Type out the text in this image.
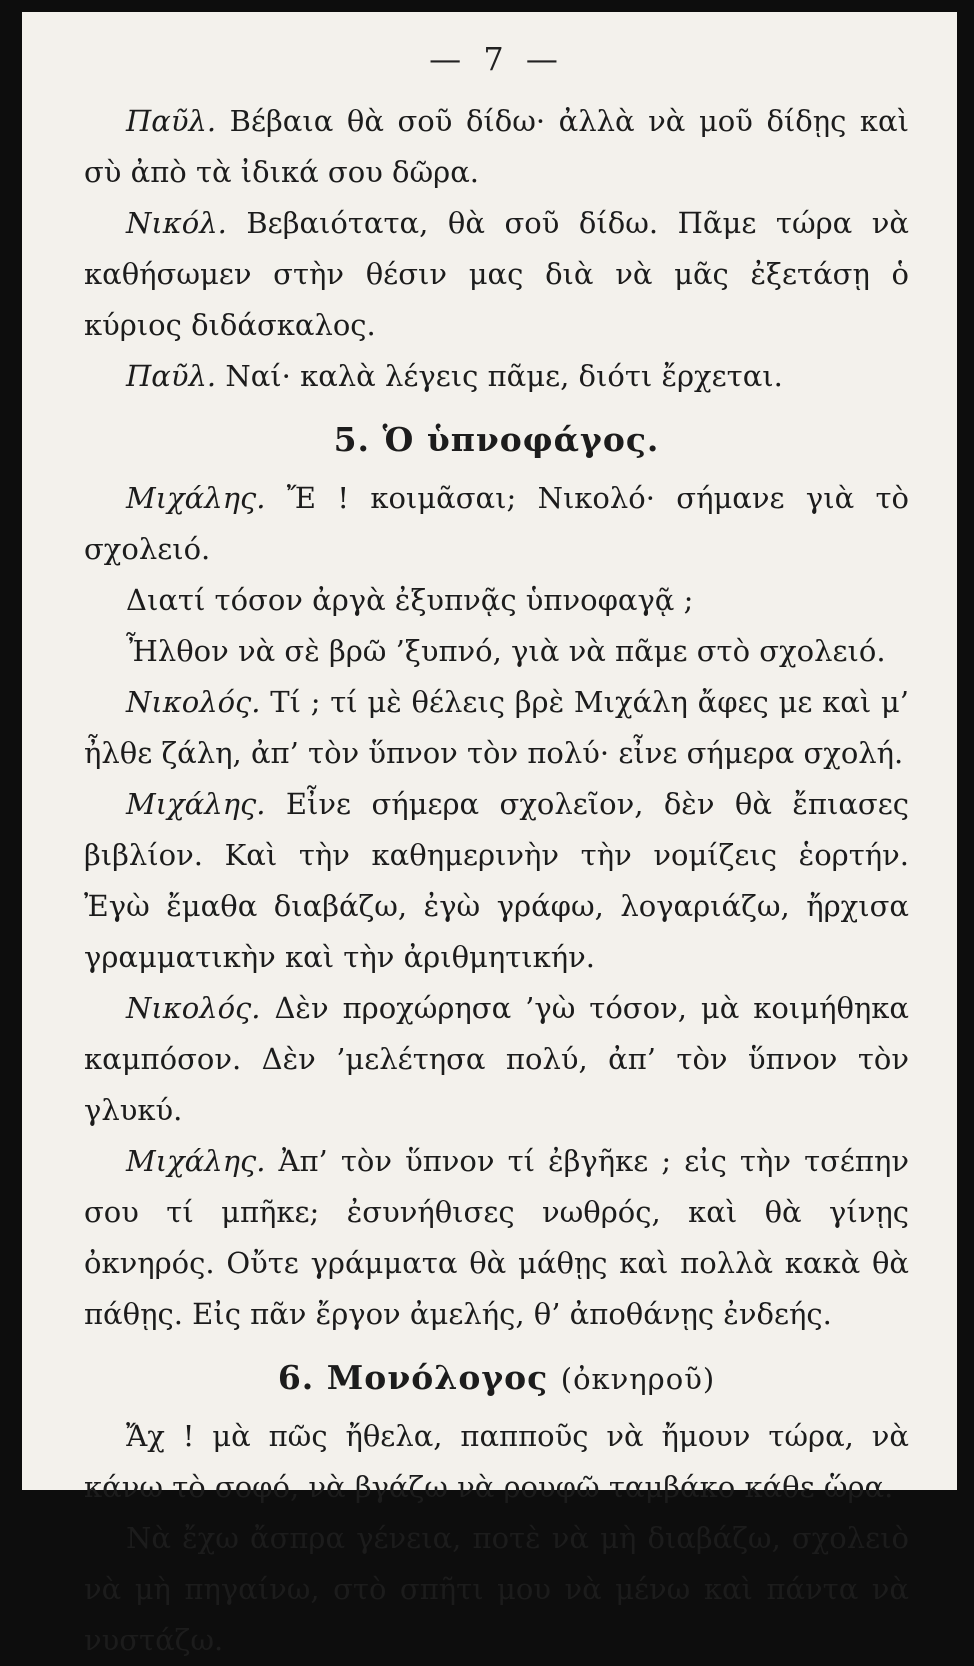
— 7 —

Παῦλ. Βέβαια θὰ σοῦ δίδω· ἀλλὰ νὰ μοῦ δίδῃς καὶ σὺ ἀπὸ τὰ ἰδικά σου δῶρα.

Νικόλ. Βεβαιότατα, θὰ σοῦ δίδω. Πᾶμε τώρα νὰ καθήσωμεν στὴν θέσιν μας διὰ νὰ μᾶς ἐξετάσῃ ὁ κύριος διδάσκαλος.

Παῦλ. Ναί· καλὰ λέγεις πᾶμε, διότι ἔρχεται.

5. Ὁ ὑπνοφάγος.

Μιχάλης. Ἔ ! κοιμᾶσαι; Νικολό· σήμανε γιὰ τὸ σχολειό.

Διατί τόσον ἀργὰ ἐξυπνᾷς ὑπνοφαγᾷ ;

Ἦλθον νὰ σὲ βρῶ ’ξυπνό, γιὰ νὰ πᾶμε στὸ σχολειό.

Νικολός. Τί ; τί μὲ θέλεις βρὲ Μιχάλη ἄφες με καὶ μ’ ἦλθε ζάλη, ἀπ’ τὸν ὕπνον τὸν πολύ· εἶνε σήμερα σχολή.

Μιχάλης. Εἶνε σήμερα σχολεῖον, δὲν θὰ ἔπιασες βιβλίον. Καὶ τὴν καθημερινὴν τὴν νομίζεις ἑορτήν. Ἐγὼ ἔμαθα διαβάζω, ἐγὼ γράφω, λογαριάζω, ἤρχισα γραμματικὴν καὶ τὴν ἀριθμητικήν.

Νικολός. Δὲν προχώρησα ’γὼ τόσον, μὰ κοιμήθηκα καμπόσον. Δὲν ’μελέτησα πολύ, ἀπ’ τὸν ὕπνον τὸν γλυκύ.

Μιχάλης. Ἀπ’ τὸν ὕπνον τί ἐβγῆκε ; εἰς τὴν τσέπην σου τί μπῆκε; ἐσυνήθισες νωθρός, καὶ θὰ γίνῃς ὀκνηρός. Οὔτε γράμματα θὰ μάθῃς καὶ πολλὰ κακὰ θὰ πάθῃς. Εἰς πᾶν ἔργον ἀμελής, θ’ ἀποθάνῃς ἐνδεής.

6. Μονόλογος (ὀκνηροῦ)

Ἄχ ! μὰ πῶς ἤθελα, παπποῦς νὰ ἤμουν τώρα, νὰ κάνω τὸ σοφό, νὰ βγάζω νὰ ρουφῶ ταμβάκο κάθε ὥρα.

Νὰ ἔχω ἄσπρα γένεια, ποτὲ νὰ μὴ διαβάζω, σχολειὸ νὰ μὴ πηγαίνω, στὸ σπῆτι μου νὰ μένω καὶ πάντα νὰ νυστάζω.
